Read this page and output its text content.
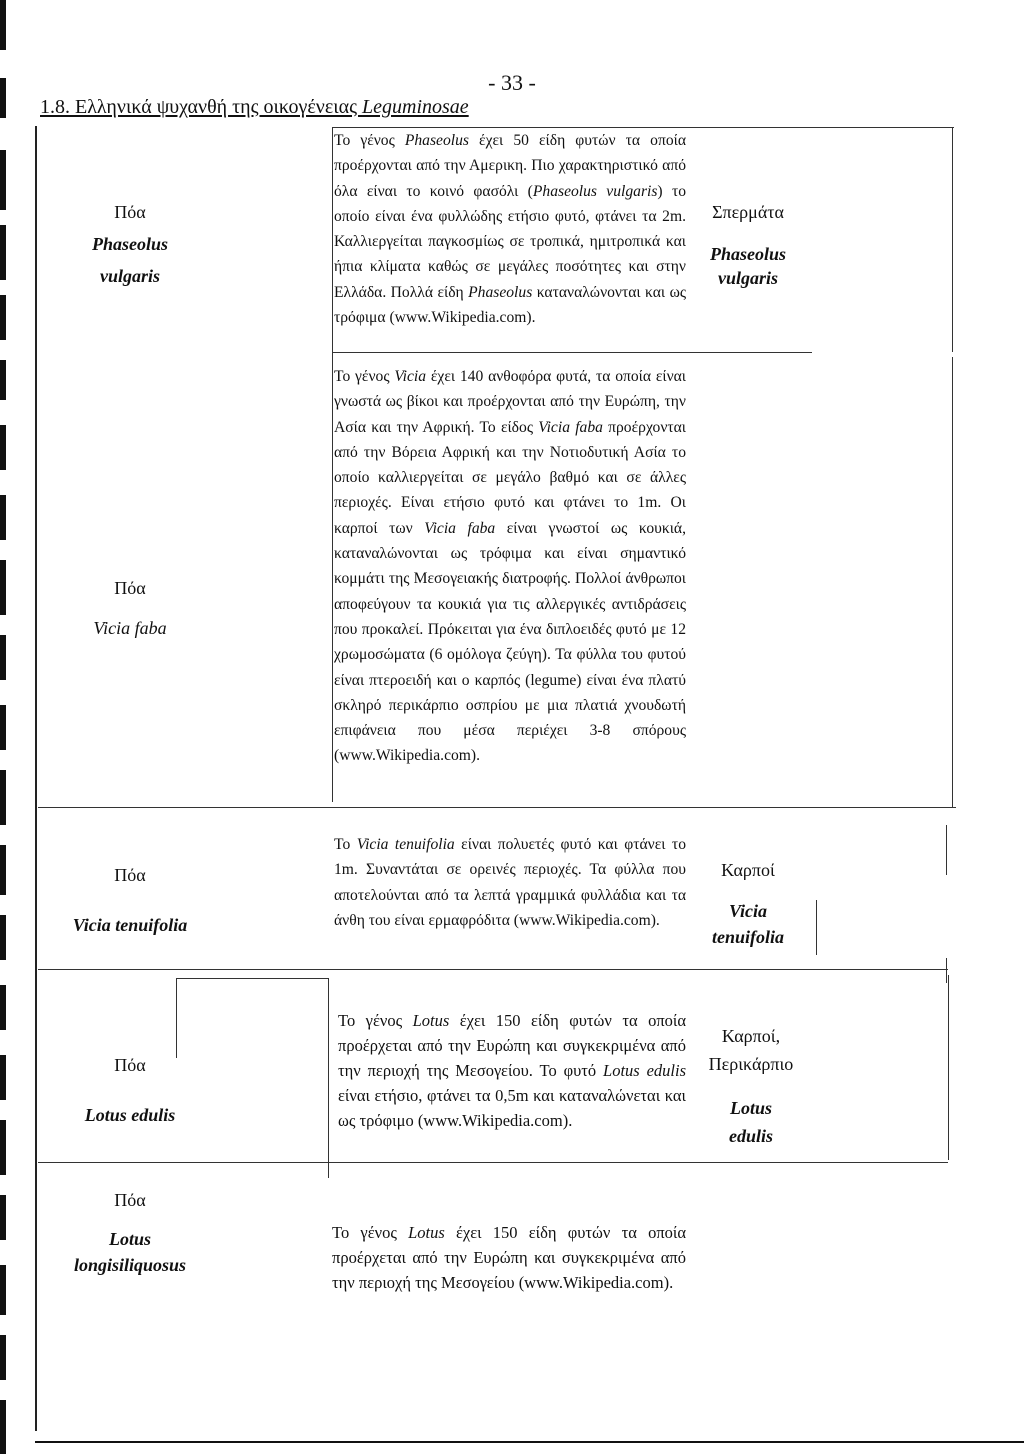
- 33 -
1.8. Ελληνικά ψυχανθή της οικογένειας Leguminosae
Πόα
Phaseolus
vulgaris
Το γένος Phaseolus έχει 50 είδη φυτών τα οποία προέρχονται από την Αμερικη. Πιο χαρακτηριστικό από όλα είναι το κοινό φασόλι (Phaseolus vulgaris) το οποίο είναι ένα φυλλώδης ετήσιο φυτό, φτάνει τα 2m. Καλλιεργείται παγκοσμίως σε τροπικά, ημιτροπικά και ήπια κλίματα καθώς σε μεγάλες ποσότητες και στην Ελλάδα. Πολλά είδη Phaseolus καταναλώνονται και ως τρόφιμα (www.Wikipedia.com).
Σπερμάτα
Phaseolus
vulgaris
Πόα
Vicia faba
Το γένος Vicia έχει 140 ανθοφόρα φυτά, τα οποία είναι γνωστά ως βίκοι και προέρχονται από την Ευρώπη, την Ασία και την Αφρική. Το είδος Vicia faba προέρχονται από την Βόρεια Αφρική και την Νοτιοδυτική Ασία το οποίο καλλιεργείται σε μεγάλο βαθμό και σε άλλες περιοχές. Είναι ετήσιο φυτό και φτάνει το 1m. Οι καρποί των Vicia faba είναι γνωστοί ως κουκιά, καταναλώνονται ως τρόφιμα και είναι σημαντικό κομμάτι της Μεσογειακής διατροφής. Πολλοί άνθρωποι αποφεύγουν τα κουκιά για τις αλλεργικές αντιδράσεις που προκαλεί. Πρόκειται για ένα διπλοειδές φυτό με 12 χρωμοσώματα (6 ομόλογα ζεύγη). Τα φύλλα του φυτού είναι πτεροειδή και ο καρπός (legume) είναι ένα πλατύ σκληρό περικάρπιο οσπρίου με μια πλατιά χνουδωτή επιφάνεια που μέσα περιέχει 3-8 σπόρους (www.Wikipedia.com).
Πόα
Vicia tenuifolia
Το Vicia tenuifolia είναι πολυετές φυτό και φτάνει το 1m. Συναντάται σε ορεινές περιοχές. Τα φύλλα που αποτελούνται από τα λεπτά γραμμικά φυλλάδια και τα άνθη του είναι ερμαφρόδιτα (www.Wikipedia.com).
Καρποί
Vicia
tenuifolia
Πόα
Lotus edulis
Το γένος Lotus έχει 150 είδη φυτών τα οποία προέρχεται από την Ευρώπη και συγκεκριμένα από την περιοχή της Μεσογείου. Το φυτό Lotus edulis είναι ετήσιο, φτάνει τα 0,5m και καταναλώνεται και ως τρόφιμο (www.Wikipedia.com).
Καρποί,
Περικάρπιο
Lotus
edulis
Πόα
Lotus
longisiliquosus
Το γένος Lotus έχει 150 είδη φυτών τα οποία προέρχεται από την Ευρώπη και συγκεκριμένα από την περιοχή της Μεσογείου (www.Wikipedia.com).
